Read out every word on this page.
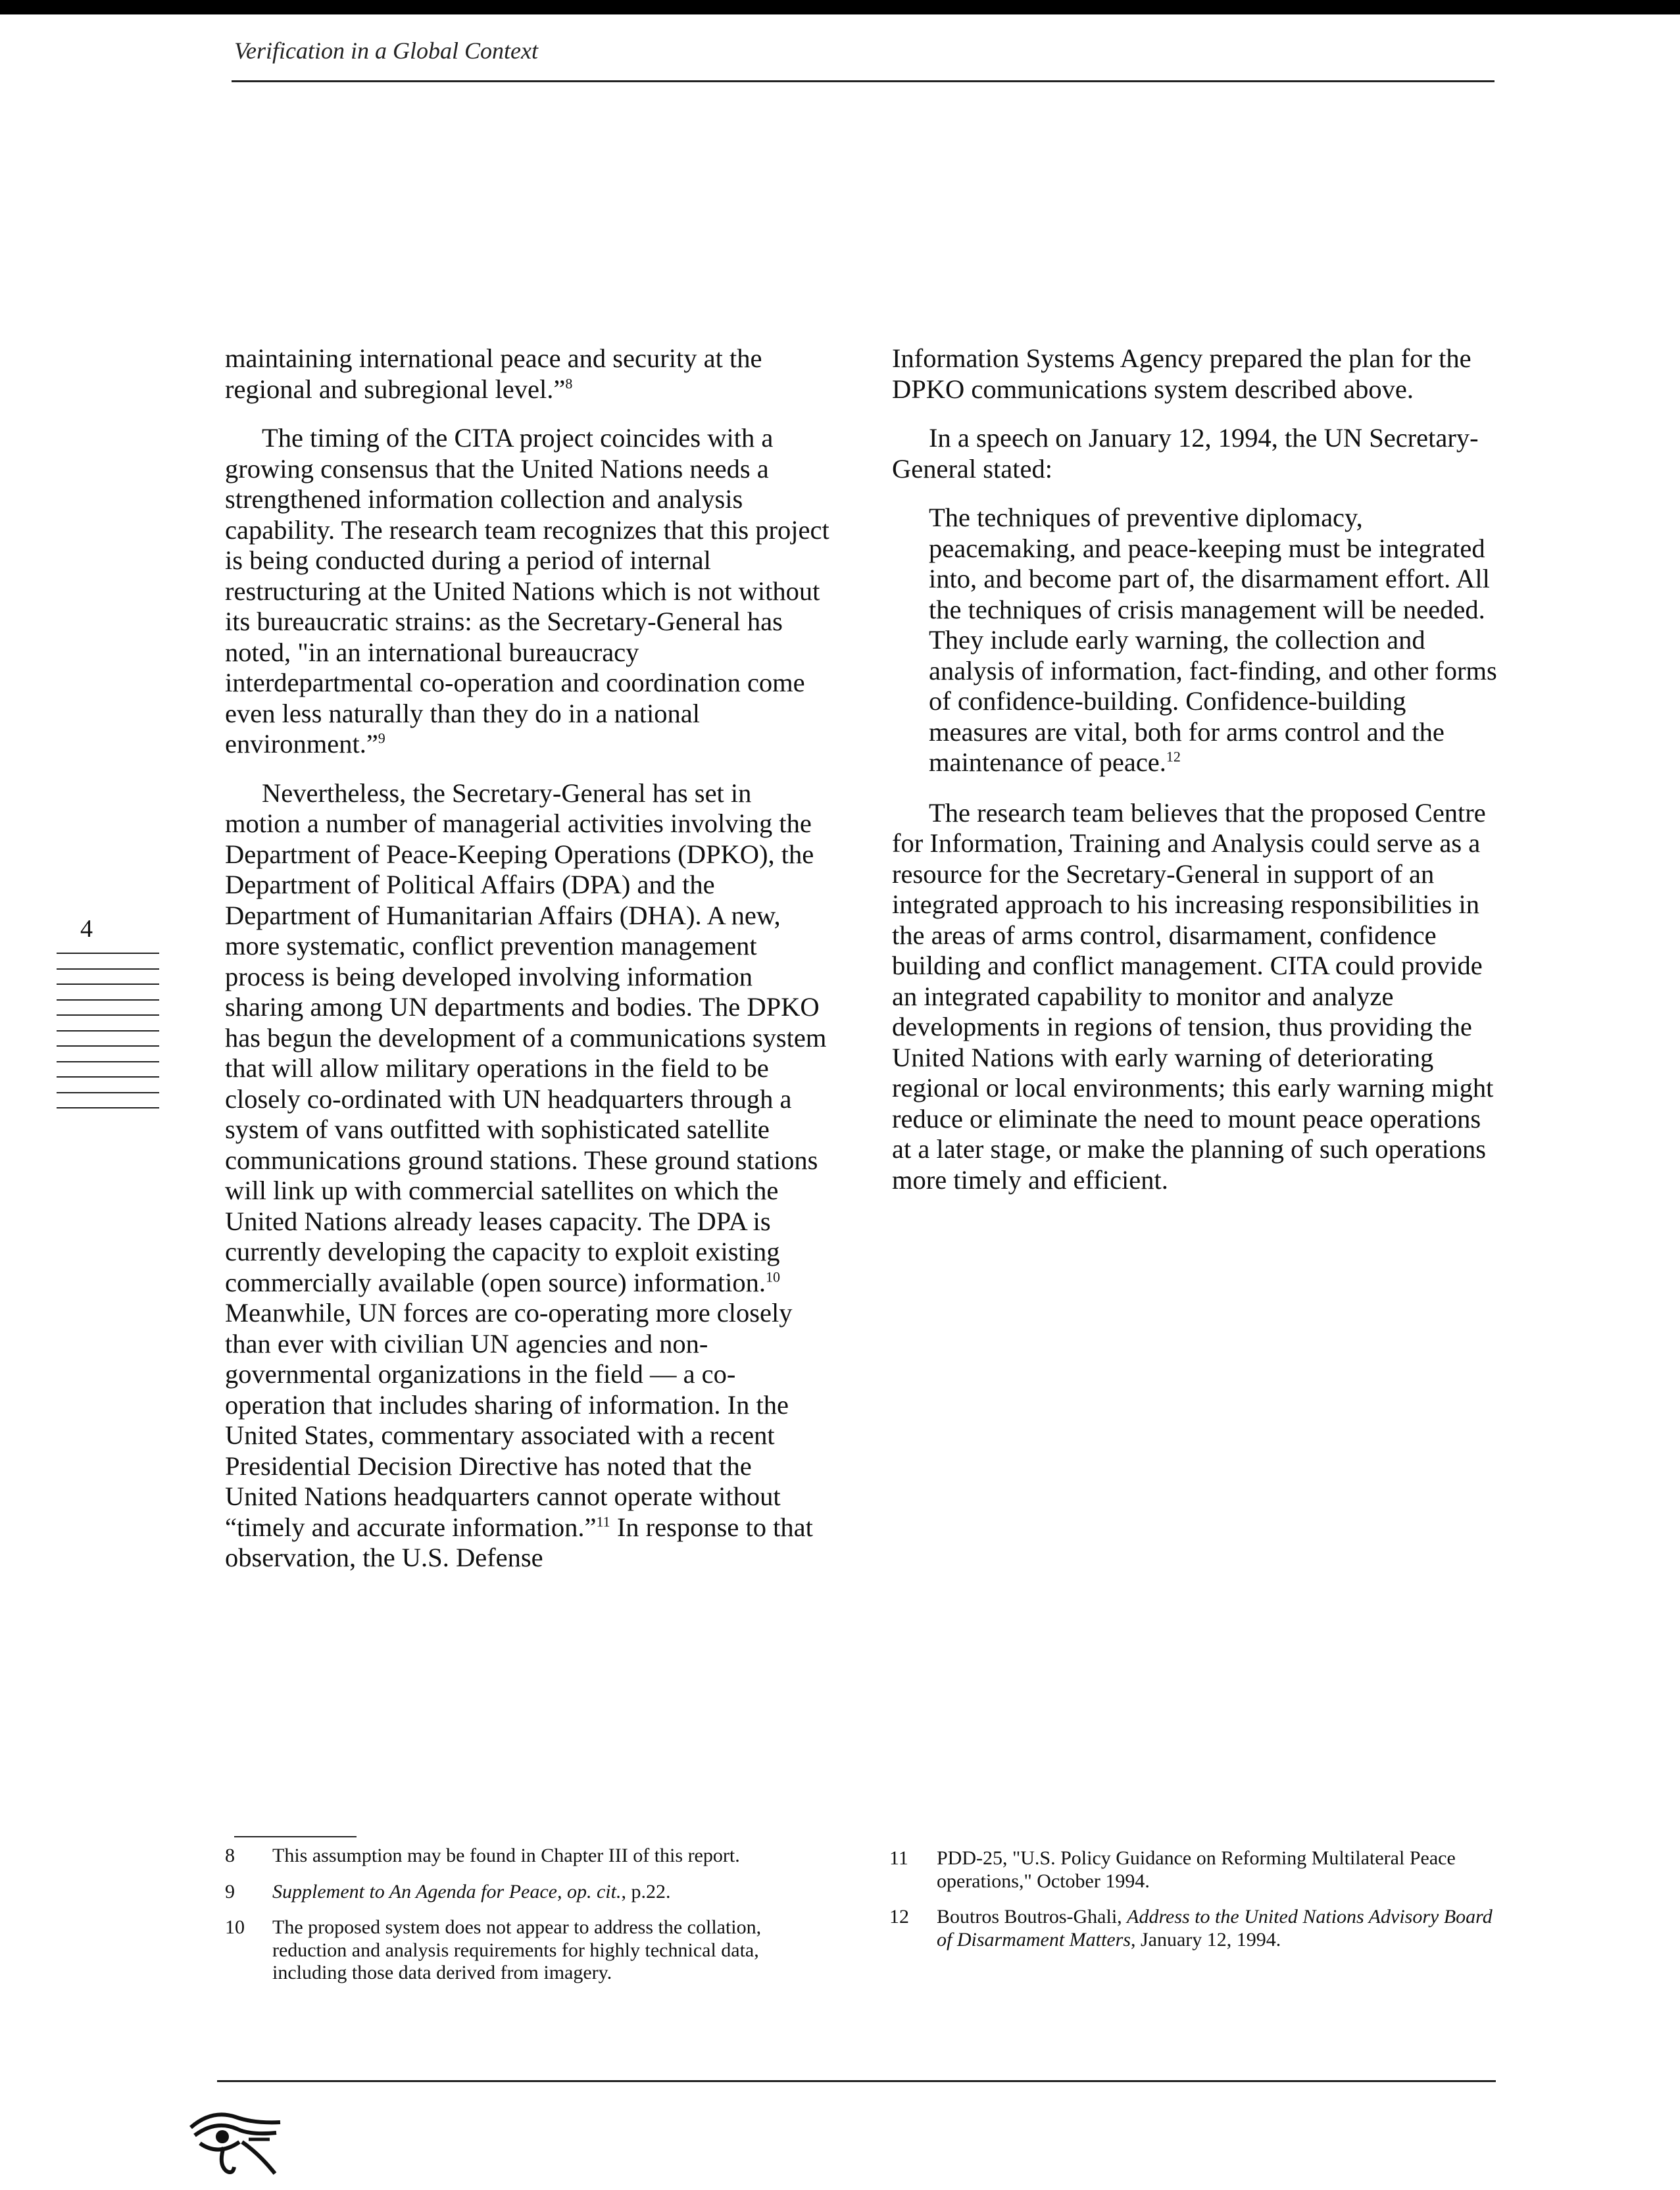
Verification in a Global Context

maintaining international peace and security at the regional and subregional level.”$^8$

The timing of the CITA project coincides with a growing consensus that the United Nations needs a strengthened information collection and analysis capability. The research team recognizes that this project is being conducted during a period of internal restructuring at the United Nations which is not without its bureaucratic strains: as the Secretary-General has noted, "in an international bureaucracy interdepartmental co-operation and coordination come even less naturally than they do in a national environment.”$^9$

Nevertheless, the Secretary-General has set in motion a number of managerial activities involving the Department of Peace-Keeping Operations (DPKO), the Department of Political Affairs (DPA) and the Department of Humanitarian Affairs (DHA). A new, more systematic, conflict prevention management process is being developed involving information sharing among UN departments and bodies. The DPKO has begun the development of a communications system that will allow military operations in the field to be closely co-ordinated with UN headquarters through a system of vans outfitted with sophisticated satellite communications ground stations. These ground stations will link up with commercial satellites on which the United Nations already leases capacity. The DPA is currently developing the capacity to exploit existing commercially available (open source) information.$^{10}$ Meanwhile, UN forces are co-operating more closely than ever with civilian UN agencies and non-governmental organizations in the field — a co-operation that includes sharing of information. In the United States, commentary associated with a recent Presidential Decision Directive has noted that the United Nations headquarters cannot operate without “timely and accurate information.”$^{11}$ In response to that observation, the U.S. Defense

Information Systems Agency prepared the plan for the DPKO communications system described above.

In a speech on January 12, 1994, the UN Secretary-General stated:

The techniques of preventive diplomacy, peacemaking, and peace-keeping must be integrated into, and become part of, the disarmament effort. All the techniques of crisis management will be needed. They include early warning, the collection and analysis of information, fact-finding, and other forms of confidence-building. Confidence-building measures are vital, both for arms control and the maintenance of peace.$^{12}$

The research team believes that the proposed Centre for Information, Training and Analysis could serve as a resource for the Secretary-General in support of an integrated approach to his increasing responsibilities in the areas of arms control, disarmament, confidence building and conflict management. CITA could provide an integrated capability to monitor and analyze developments in regions of tension, thus providing the United Nations with early warning of deteriorating regional or local environments; this early warning might reduce or eliminate the need to mount peace operations at a later stage, or make the planning of such operations more timely and efficient.

4
8	This assumption may be found in Chapter III of this report.
9	Supplement to An Agenda for Peace, op. cit., p.22.
10	The proposed system does not appear to address the collation, reduction and analysis requirements for highly technical data, including those data derived from imagery.
11	PDD-25, "U.S. Policy Guidance on Reforming Multilateral Peace operations," October 1994.
12	Boutros Boutros-Ghali, Address to the United Nations Advisory Board of Disarmament Matters, January 12, 1994.
